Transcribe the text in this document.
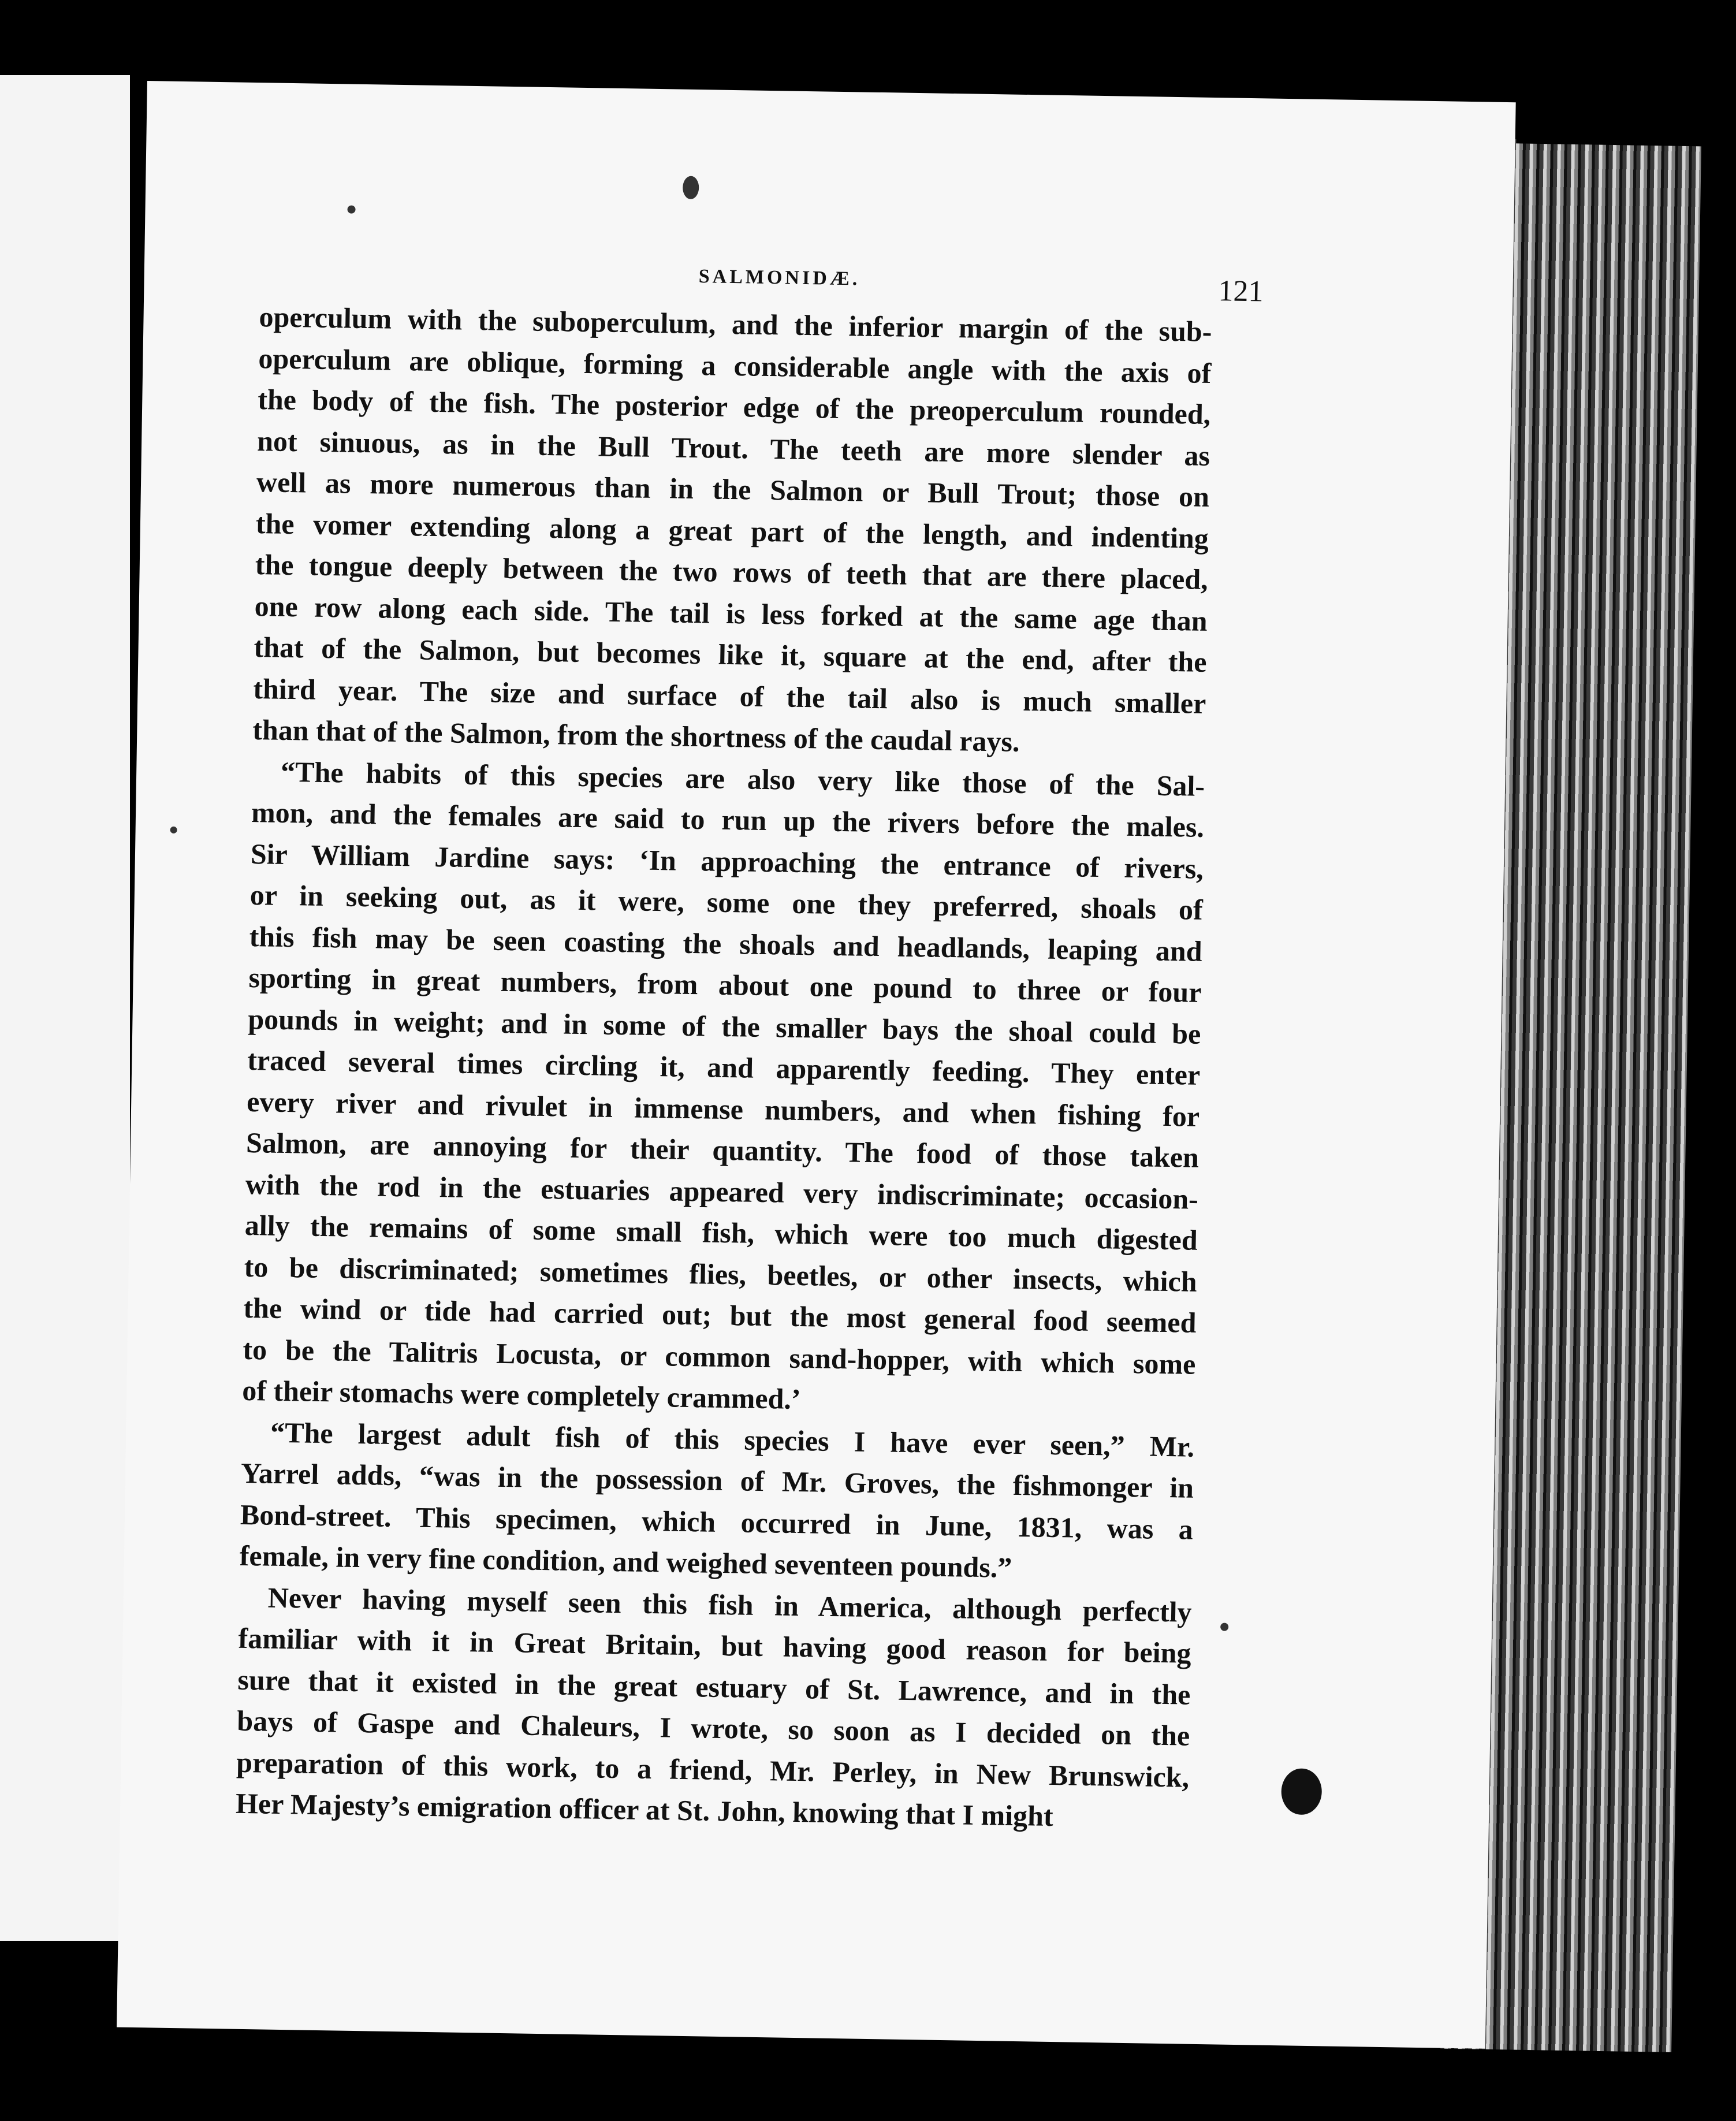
SALMONIDÆ.	121
operculum with the suboperculum, and the inferior margin of the sub-
operculum are oblique, forming a considerable angle with the axis of
the body of the fish. The posterior edge of the preoperculum rounded,
not sinuous, as in the Bull Trout. The teeth are more slender as
well as more numerous than in the Salmon or Bull Trout; those on
the vomer extending along a great part of the length, and indenting
the tongue deeply between the two rows of teeth that are there placed,
one row along each side. The tail is less forked at the same age than
that of the Salmon, but becomes like it, square at the end, after the
third year. The size and surface of the tail also is much smaller
than that of the Salmon, from the shortness of the caudal rays.
“The habits of this species are also very like those of the Sal-
mon, and the females are said to run up the rivers before the males.
Sir William Jardine says: ‘In approaching the entrance of rivers,
or in seeking out, as it were, some one they preferred, shoals of
this fish may be seen coasting the shoals and headlands, leaping and
sporting in great numbers, from about one pound to three or four
pounds in weight; and in some of the smaller bays the shoal could be
traced several times circling it, and apparently feeding. They enter
every river and rivulet in immense numbers, and when fishing for
Salmon, are annoying for their quantity. The food of those taken
with the rod in the estuaries appeared very indiscriminate; occasion-
ally the remains of some small fish, which were too much digested
to be discriminated; sometimes flies, beetles, or other insects, which
the wind or tide had carried out; but the most general food seemed
to be the Talitris Locusta, or common sand-hopper, with which some
of their stomachs were completely crammed.’
“The largest adult fish of this species I have ever seen,” Mr.
Yarrel adds, “was in the possession of Mr. Groves, the fishmonger in
Bond-street. This specimen, which occurred in June, 1831, was a
female, in very fine condition, and weighed seventeen pounds.”
Never having myself seen this fish in America, although perfectly
familiar with it in Great Britain, but having good reason for being
sure that it existed in the great estuary of St. Lawrence, and in the
bays of Gaspe and Chaleurs, I wrote, so soon as I decided on the
preparation of this work, to a friend, Mr. Perley, in New Brunswick,
Her Majesty’s emigration officer at St. John, knowing that I might
